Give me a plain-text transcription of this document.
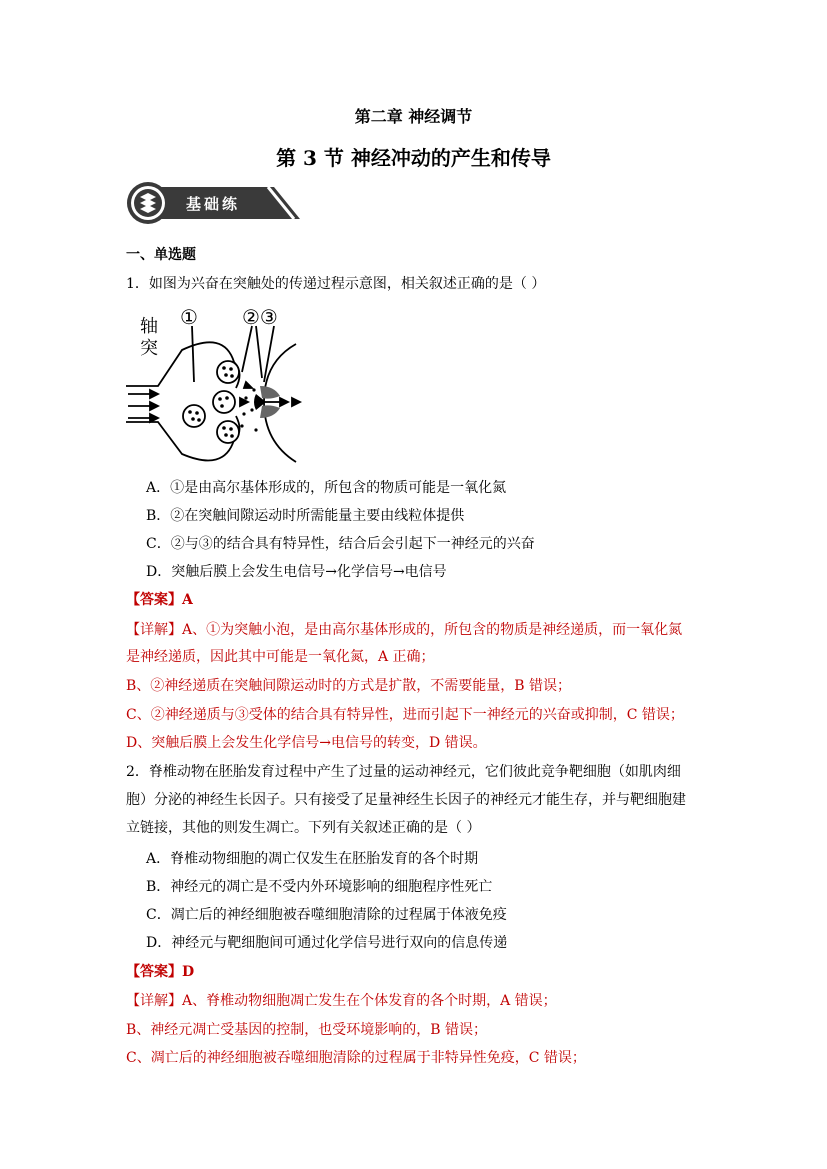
第二章 神经调节
第 3 节 神经冲动的产生和传导
基础练
一、单选题
1．如图为兴奋在突触处的传递过程示意图，相关叙述正确的是（ ）
轴
突
① ②③
A．①是由高尔基体形成的，所包含的物质可能是一氧化氮
B．②在突触间隙运动时所需能量主要由线粒体提供
C．②与③的结合具有特异性，结合后会引起下一神经元的兴奋
D．突触后膜上会发生电信号→化学信号→电信号
【答案】A
【详解】A、①为突触小泡，是由高尔基体形成的，所包含的物质是神经递质，而一氧化氮
是神经递质，因此其中可能是一氧化氮，A 正确；
B、②神经递质在突触间隙运动时的方式是扩散，不需要能量，B 错误；
C、②神经递质与③受体的结合具有特异性，进而引起下一神经元的兴奋或抑制，C 错误；
D、突触后膜上会发生化学信号→电信号的转变，D 错误。
2．脊椎动物在胚胎发育过程中产生了过量的运动神经元，它们彼此竞争靶细胞（如肌肉细
胞）分泌的神经生长因子。只有接受了足量神经生长因子的神经元才能生存，并与靶细胞建
立链接，其他的则发生凋亡。下列有关叙述正确的是（ ）
A．脊椎动物细胞的凋亡仅发生在胚胎发育的各个时期
B．神经元的凋亡是不受内外环境影响的细胞程序性死亡
C．凋亡后的神经细胞被吞噬细胞清除的过程属于体液免疫
D．神经元与靶细胞间可通过化学信号进行双向的信息传递
【答案】D
【详解】A、脊椎动物细胞凋亡发生在个体发育的各个时期，A 错误；
B、神经元凋亡受基因的控制，也受环境影响的，B 错误；
C、凋亡后的神经细胞被吞噬细胞清除的过程属于非特异性免疫，C 错误；
